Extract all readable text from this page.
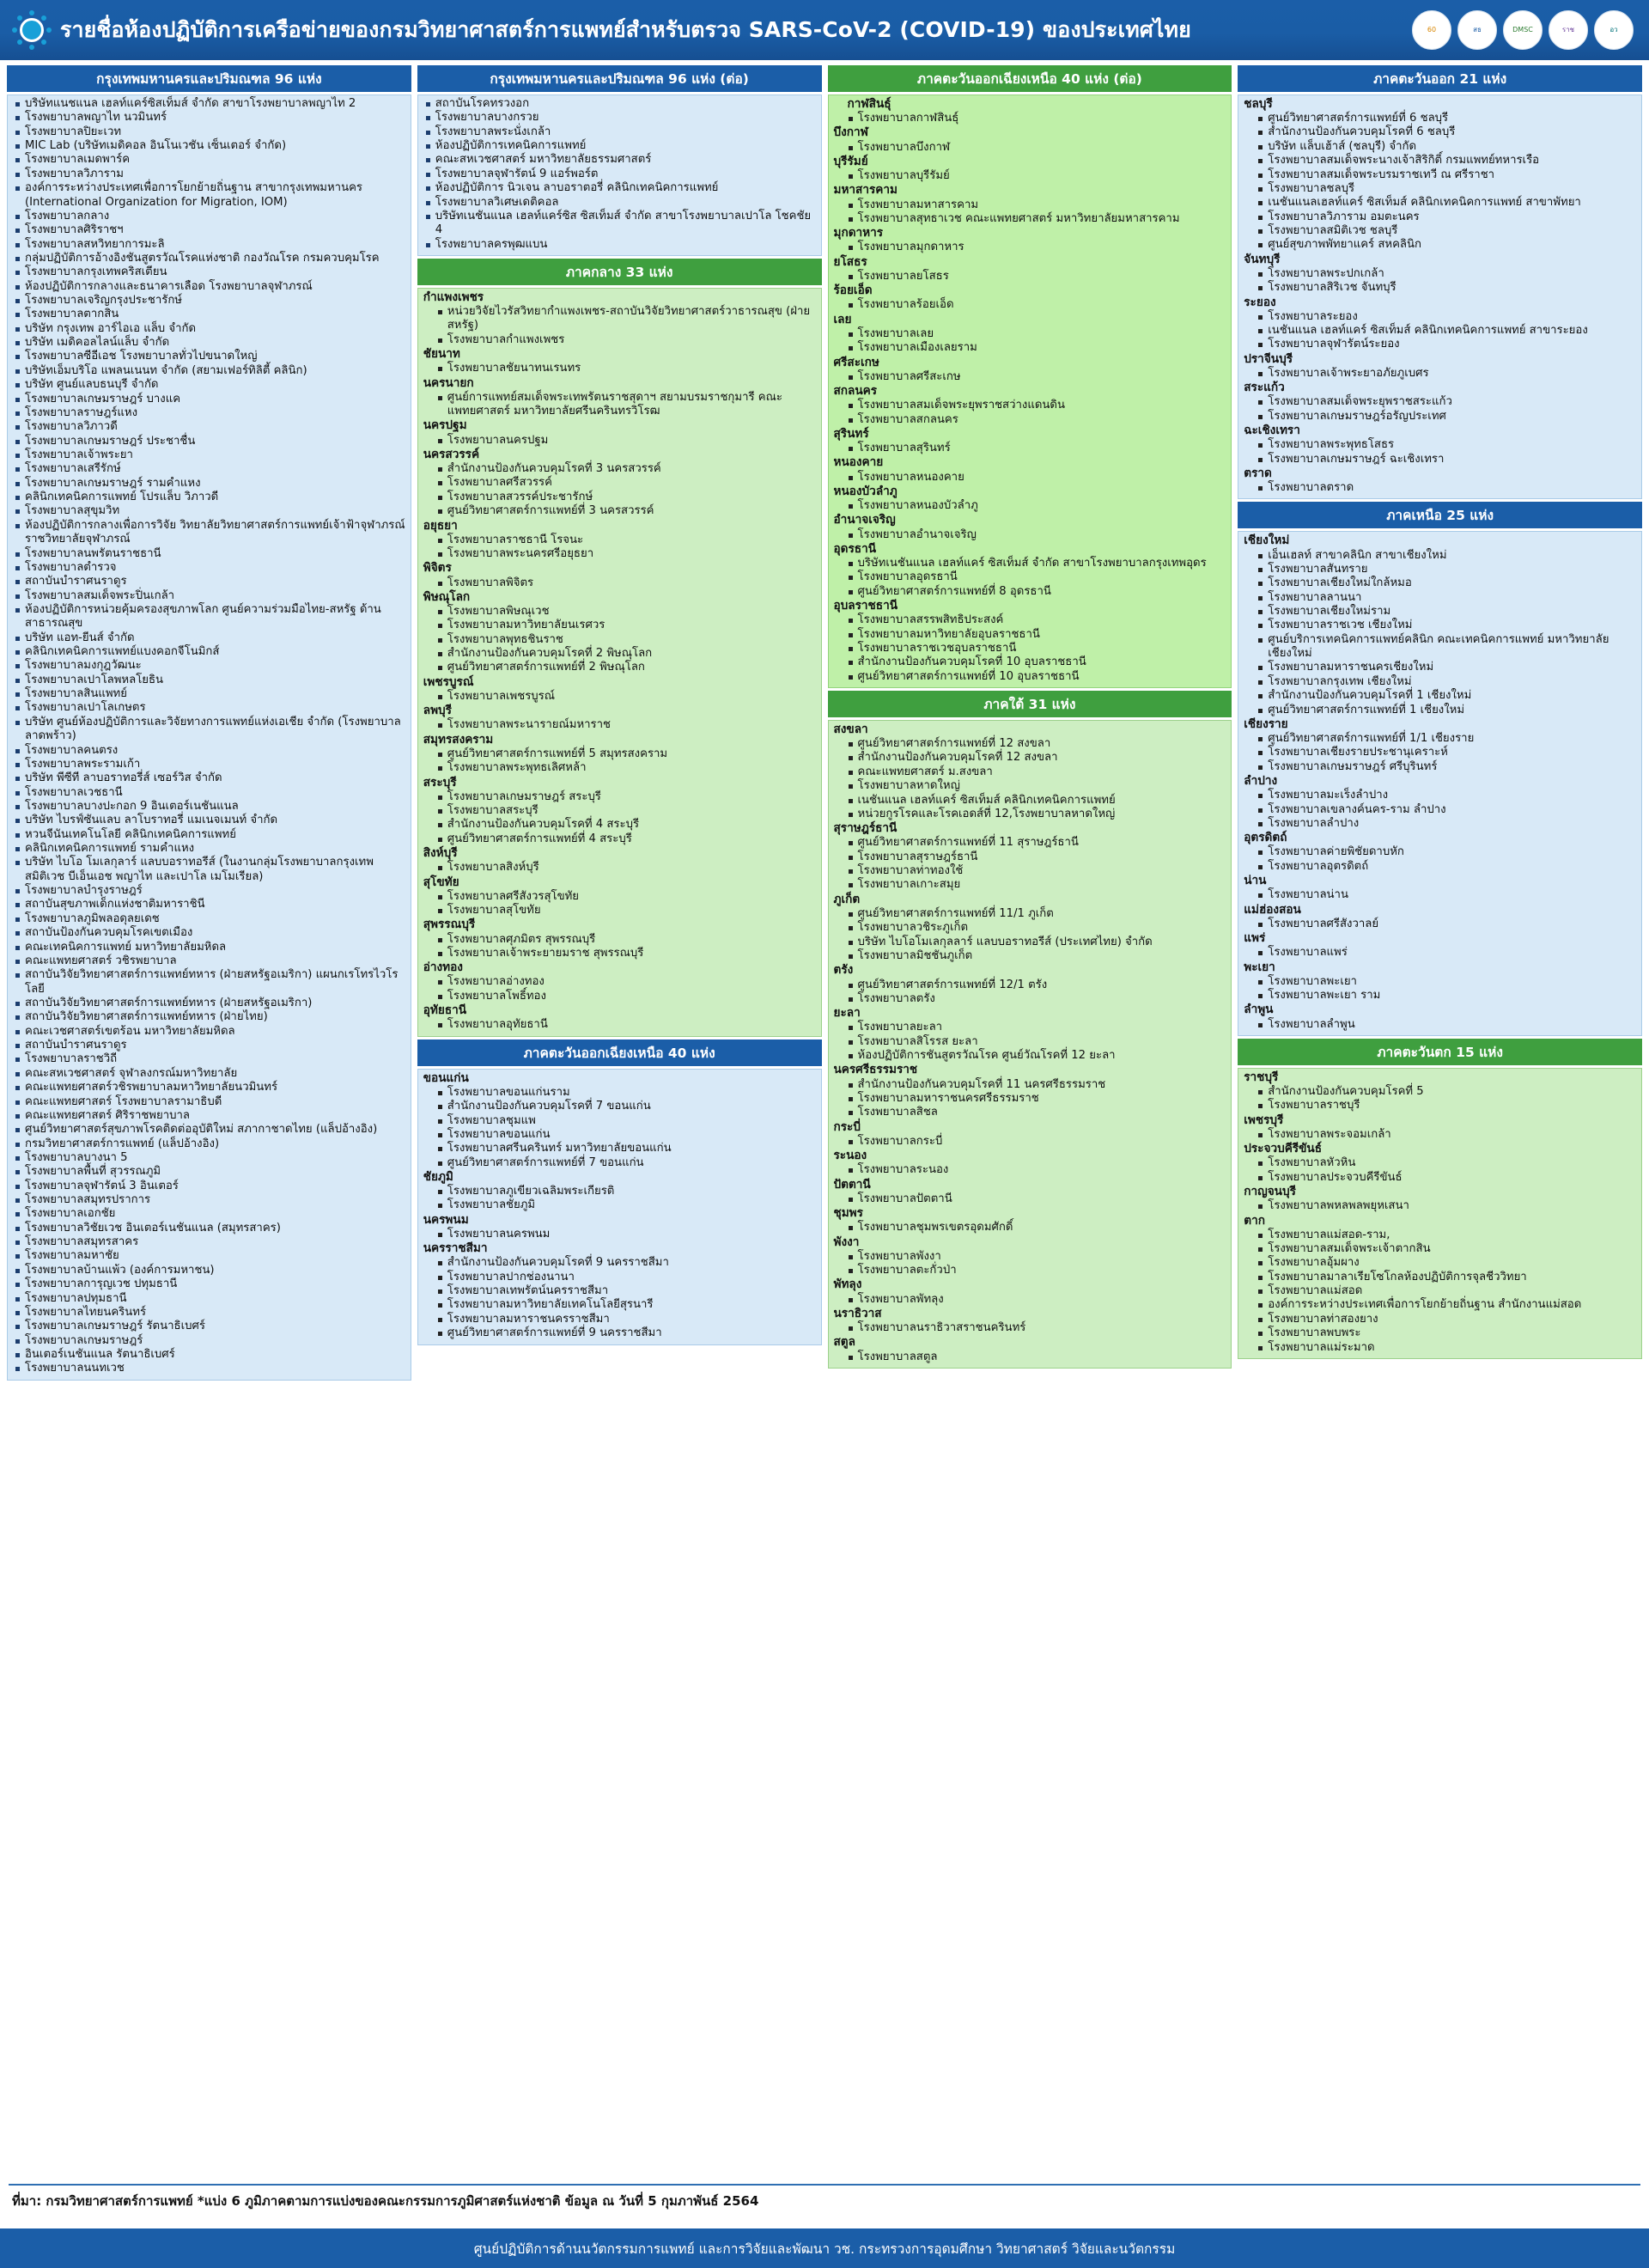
รายชื่อห้องปฏิบัติการเครือข่ายของกรมวิทยาศาสตร์การแพทย์สำหรับตรวจ SARS-CoV-2 (COVID-19) ของประเทศไทย	60	สธ	DMSC	ราช	อว
กรุงเทพมหานครและปริมณฑล 96 แห่ง
บริษัทแนชแนล เฮลท์แคร์ซิสเท็มส์ จำกัด สาขาโรงพยาบาลพญาไท 2
โรงพยาบาลพญาไท นวมินทร์
โรงพยาบาลปิยะเวท
MIC Lab (บริษัทเมดิคอล อินโนเวชัน เซ็นเตอร์ จำกัด)
โรงพยาบาลเมดพาร์ค
โรงพยาบาลวิภาราม
องค์การระหว่างประเทศเพื่อการโยกย้ายถิ่นฐาน สาขากรุงเทพมหานคร (International Organization for Migration, IOM)
โรงพยาบาลกลาง
โรงพยาบาลศิริราชฯ
โรงพยาบาลสหวิทยาการมะลิ
กลุ่มปฏิบัติการอ้างอิงชันสูตรวัณโรคแห่งชาติ กองวัณโรค กรมควบคุมโรค
โรงพยาบาลกรุงเทพคริสเตียน
ห้องปฏิบัติการกลางและธนาคารเลือด โรงพยาบาลจุฬาภรณ์
โรงพยาบาลเจริญกรุงประชารักษ์
โรงพยาบาลตากสิน
บริษัท กรุงเทพ อาร์ไอเอ แล็บ จำกัด
บริษัท เมดิคอลไลน์แล็บ จำกัด
โรงพยาบาลซีอีเอช โรงพยาบาลทั่วไปขนาดใหญ่
บริษัทเอ็มบริโอ แพลนเนนท จำกัด (สยามเฟอร์ทิลิตี้ คลินิก)
บริษัท ศูนย์แลบธนบุรี จำกัด
โรงพยาบาลเกษมราษฎร์ บางแค
โรงพยาบาลราษฎร์แหง
โรงพยาบาลวิภาวดี
โรงพยาบาลเกษมราษฎร์ ประชาชื่น
โรงพยาบาลเจ้าพระยา
โรงพยาบาลเสรีรักษ์
โรงพยาบาลเกษมราษฎร์ รามคำแหง
คลินิกเทคนิคการแพทย์ โปรแล็บ วิภาวดี
โรงพยาบาลสุขุมวิท
ห้องปฏิบัติการกลางเพื่อการวิจัย วิทยาลัยวิทยาศาสตร์การแพทย์เจ้าฟ้าจุฬาภรณ์ ราชวิทยาลัยจุฬาภรณ์
โรงพยาบาลนพรัตนราชธานี
โรงพยาบาลตำรวจ
สถาบันบำราศนราดูร
โรงพยาบาลสมเด็จพระปิ่นเกล้า
ห้องปฏิบัติการหน่วยคุ้มครองสุขภาพโลก ศูนย์ความร่วมมือไทย-สหรัฐ ด้านสาธารณสุข
บริษัท แอท-ยีนส์ จำกัด
คลินิกเทคนิคการแพทย์แบงคอกจีโนมิกส์
โรงพยาบาลมงกุฎวัฒนะ
โรงพยาบาลเปาโลพหลโยธิน
โรงพยาบาลสินแพทย์
โรงพยาบาลเปาโลเกษตร
บริษัท ศูนย์ห้องปฏิบัติการและวิจัยทางการแพทย์แห่งเอเชีย จำกัด (โรงพยาบาลลาดพร้าว)
โรงพยาบาลคนตรง
โรงพยาบาลพระรามเก้า
บริษัท พีซีที ลาบอราทอรี่ส์ เซอร์วิส จำกัด
โรงพยาบาลเวชธานี
โรงพยาบาลบางปะกอก 9 อินเตอร์เนชันแนล
บริษัท ไบรฟ์ซันแลบ ลาโบราทอรี่ แมเนจเมนท์ จำกัด
หวนจีนันเทคโนโลยี คลินิกเทคนิคการแพทย์
คลินิกเทคนิคการแพทย์ รามคำแหง
บริษัท ไบโอ โมเลกุลาร์ แลบบอราทอรีส์ (ในงานกลุ่มโรงพยาบาลกรุงเทพ สมิติเวช บีเอ็นเอช พญาไท และเปาโล เมโมเรียล)
โรงพยาบาลบำรุงราษฎร์
สถาบันสุขภาพเด็กแห่งชาติมหาราชินี
โรงพยาบาลภูมิพลอดุลยเดช
สถาบันป้องกันควบคุมโรคเขตเมือง
คณะเทคนิคการแพทย์ มหาวิทยาลัยมหิดล
คณะแพทยศาสตร์ วชิรพยาบาล
สถาบันวิจัยวิทยาศาสตร์การแพทย์ทหาร (ฝ่ายสหรัฐอเมริกา) แผนกเรโทรไวโรโลยี
สถาบันวิจัยวิทยาศาสตร์การแพทย์ทหาร (ฝ่ายสหรัฐอเมริกา)
สถาบันวิจัยวิทยาศาสตร์การแพทย์ทหาร (ฝ่ายไทย)
คณะเวชศาสตร์เขตร้อน มหาวิทยาลัยมหิดล
สถาบันบำราศนราดูร
โรงพยาบาลราชวิถี
คณะสหเวชศาสตร์ จุฬาลงกรณ์มหาวิทยาลัย
คณะแพทยศาสตร์วชิรพยาบาลมหาวิทยาลัยนวมินทร์
คณะแพทยศาสตร์ โรงพยาบาลรามาธิบดี
คณะแพทยศาสตร์ ศิริราชพยาบาล
ศูนย์วิทยาศาสตร์สุขภาพโรคติดต่ออุบัติใหม่ สภากาชาดไทย (แล็ปอ้างอิง)
กรมวิทยาศาสตร์การแพทย์ (แล็ปอ้างอิง)
โรงพยาบาลบางนา 5
โรงพยาบาลพื้นที่ สุวรรณภูมิ
โรงพยาบาลจุฬารัตน์ 3 อินเตอร์
โรงพยาบาลสมุทรปราการ
โรงพยาบาลเอกชัย
โรงพยาบาลวิชัยเวช อินเตอร์เนชันแนล (สมุทรสาคร)
โรงพยาบาลสมุทรสาคร
โรงพยาบาลมหาชัย
โรงพยาบาลบ้านแพ้ว (องค์การมหาชน)
โรงพยาบาลการุญเวช ปทุมธานี
โรงพยาบาลปทุมธานี
โรงพยาบาลไทยนครินทร์
โรงพยาบาลเกษมราษฎร์ รัตนาธิเบศร์
โรงพยาบาลเกษมราษฎร์
อินเตอร์เนชันแนล รัตนาธิเบศร์
โรงพยาบาลนนทเวช
กรุงเทพมหานครและปริมณฑล 96 แห่ง (ต่อ)
สถาบันโรคทรวงอก
โรงพยาบาลบางกรวย
โรงพยาบาลพระนั่งเกล้า
ห้องปฏิบัติการเทคนิคการแพทย์
คณะสหเวชศาสตร์ มหาวิทยาลัยธรรมศาสตร์
โรงพยาบาลจุฬารัตน์ 9 แอร์พอร์ต
ห้องปฏิบัติการ นิวเจน ลาบอราตอรี่ คลินิกเทคนิคการแพทย์
โรงพยาบาลวิเศษเดติคอล
บริษัทเนชันแนล เฮลท์แคร์ซิส ซิสเท็มส์ จำกัด สาขาโรงพยาบาลเปาโล โชคชัย 4
โรงพยาบาลครพุฒแบน
ภาคกลาง 33 แห่ง
กำแพงเพชร
หน่วยวิจัยไวรัสวิทยากำแพงเพชร-สถาบันวิจัยวิทยาศาสตร์วาธารณสุข (ฝ่ายสหรัฐ)
โรงพยาบาลกำแพงเพชร
ชัยนาท
โรงพยาบาลชัยนาทนเรนทร
นครนายก
ศูนย์การแพทย์สมเด็จพระเทพรัตนราชสุดาฯ สยามบรมราชกุมารี คณะแพทยศาสตร์ มหาวิทยาลัยศรีนครินทรวิโรฒ
นครปฐม
โรงพยาบาลนครปฐม
นครสวรรค์
สำนักงานป้องกันควบคุมโรคที่ 3 นครสวรรค์
โรงพยาบาลศรีสวรรค์
โรงพยาบาลสวรรค์ประชารักษ์
ศูนย์วิทยาศาสตร์การแพทย์ที่ 3 นครสวรรค์
อยุธยา
โรงพยาบาลราชธานี โรจนะ
โรงพยาบาลพระนครศรีอยุธยา
พิจิตร
โรงพยาบาลพิจิตร
พิษณุโลก
โรงพยาบาลพิษณุเวช
โรงพยาบาลมหาวิทยาลัยนเรศวร
โรงพยาบาลพุทธชินราช
สำนักงานป้องกันควบคุมโรคที่ 2 พิษณุโลก
ศูนย์วิทยาศาสตร์การแพทย์ที่ 2 พิษณุโลก
เพชรบูรณ์
โรงพยาบาลเพชรบูรณ์
ลพบุรี
โรงพยาบาลพระนารายณ์มหาราช
สมุทรสงคราม
ศูนย์วิทยาศาสตร์การแพทย์ที่ 5 สมุทรสงคราม
โรงพยาบาลพระพุทธเลิศหล้า
สระบุรี
โรงพยาบาลเกษมราษฎร์ สระบุรี
โรงพยาบาลสระบุรี
สำนักงานป้องกันควบคุมโรคที่ 4 สระบุรี
ศูนย์วิทยาศาสตร์การแพทย์ที่ 4 สระบุรี
สิงห์บุรี
โรงพยาบาลสิงห์บุรี
สุโขทัย
โรงพยาบาลศรีสังวรสุโขทัย
โรงพยาบาลสุโขทัย
สุพรรณบุรี
โรงพยาบาลศุภมิตร สุพรรณบุรี
โรงพยาบาลเจ้าพระยายมราช สุพรรณบุรี
อ่างทอง
โรงพยาบาลอ่างทอง
โรงพยาบาลโพธิ์ทอง
อุทัยธานี
โรงพยาบาลอุทัยธานี
ภาคตะวันออกเฉียงเหนือ 40 แห่ง
ขอนแก่น
โรงพยาบาลขอนแก่นราม
สำนักงานป้องกันควบคุมโรคที่ 7 ขอนแก่น
โรงพยาบาลชุมแพ
โรงพยาบาลขอนแก่น
โรงพยาบาลศรีนครินทร์ มหาวิทยาลัยขอนแก่น
ศูนย์วิทยาศาสตร์การแพทย์ที่ 7 ขอนแก่น
ชัยภูมิ
โรงพยาบาลภูเขียวเฉลิมพระเกียรติ
โรงพยาบาลชัยภูมิ
นครพนม
โรงพยาบาลนครพนม
นครราชสีมา
สำนักงานป้องกันควบคุมโรคที่ 9 นครราชสีมา
โรงพยาบาลปากช่องนานา
โรงพยาบาลเทพรัตน์นครราชสีมา
โรงพยาบาลมหาวิทยาลัยเทคโนโลยีสุรนารี
โรงพยาบาลมหาราชนครราชสีมา
ศูนย์วิทยาศาสตร์การแพทย์ที่ 9 นครราชสีมา
ภาคตะวันออกเฉียงเหนือ 40 แห่ง (ต่อ)
กาฬสินธุ์
โรงพยาบาลกาฬสินธุ์
บึงกาฬ
โรงพยาบาลบึงกาฬ
บุรีรัมย์
โรงพยาบาลบุรีรัมย์
มหาสารคาม
โรงพยาบาลมหาสารคาม
โรงพยาบาลสุทธาเวช คณะแพทยศาสตร์ มหาวิทยาลัยมหาสารคาม
มุกดาหาร
โรงพยาบาลมุกดาหาร
ยโสธร
โรงพยาบาลยโสธร
ร้อยเอ็ด
โรงพยาบาลร้อยเอ็ด
เลย
โรงพยาบาลเลย
โรงพยาบาลเมืองเลยราม
ศรีสะเกษ
โรงพยาบาลศรีสะเกษ
สกลนคร
โรงพยาบาลสมเด็จพระยุพราชสว่างแดนดิน
โรงพยาบาลสกลนคร
สุรินทร์
โรงพยาบาลสุรินทร์
หนองคาย
โรงพยาบาลหนองคาย
หนองบัวลำภู
โรงพยาบาลหนองบัวลำภู
อำนาจเจริญ
โรงพยาบาลอำนาจเจริญ
อุดรธานี
บริษัทเนชันแนล เฮลท์แคร์ ซิสเท็มส์ จำกัด สาขาโรงพยาบาลกรุงเทพอุดร
โรงพยาบาลอุดรธานี
ศูนย์วิทยาศาสตร์การแพทย์ที่ 8 อุดรธานี
อุบลราชธานี
โรงพยาบาลสรรพสิทธิประสงค์
โรงพยาบาลมหาวิทยาลัยอุบลราชธานี
โรงพยาบาลราชเวชอุบลราชธานี
สำนักงานป้องกันควบคุมโรคที่ 10 อุบลราชธานี
ศูนย์วิทยาศาสตร์การแพทย์ที่ 10 อุบลราชธานี
ภาคใต้ 31 แห่ง
สงขลา
ศูนย์วิทยาศาสตร์การแพทย์ที่ 12 สงขลา
สำนักงานป้องกันควบคุมโรคที่ 12 สงขลา
คณะแพทยศาสตร์ ม.สงขลา
โรงพยาบาลหาดใหญ่
เนชันแนล เฮลท์แคร์ ซิสเท็มส์ คลินิกเทคนิคการแพทย์
หน่วยกูรโรคและโรคเอดส์ที่ 12,โรงพยาบาลหาดใหญ่
สุราษฎร์ธานี
ศูนย์วิทยาศาสตร์การแพทย์ที่ 11 สุราษฎร์ธานี
โรงพยาบาลสุราษฎร์ธานี
โรงพยาบาลท่าทองใช้
โรงพยาบาลเกาะสมุย
ภูเก็ต
ศูนย์วิทยาศาสตร์การแพทย์ที่ 11/1 ภูเก็ต
โรงพยาบาลวชิระภูเก็ต
บริษัท ไบโอโมเลกุลลาร์ แลบบอราทอรีส์ (ประเทศไทย) จำกัด
โรงพยาบาลมิชชันภูเก็ต
ตรัง
ศูนย์วิทยาศาสตร์การแพทย์ที่ 12/1 ตรัง
โรงพยาบาลตรัง
ยะลา
โรงพยาบาลยะลา
โรงพยาบาลสิโรรส ยะลา
ห้องปฏิบัติการชันสูตรวัณโรค ศูนย์วัณโรคที่ 12 ยะลา
นครศรีธรรมราช
สำนักงานป้องกันควบคุมโรคที่ 11 นครศรีธรรมราช
โรงพยาบาลมหาราชนครศรีธรรมราช
โรงพยาบาลสิชล
กระบี่
โรงพยาบาลกระบี่
ระนอง
โรงพยาบาลระนอง
ปัตตานี
โรงพยาบาลปัตตานี
ชุมพร
โรงพยาบาลชุมพรเขตรอุดมศักดิ์
พังงา
โรงพยาบาลพังงา
โรงพยาบาลตะกั่วป่า
พัทลุง
โรงพยาบาลพัทลุง
นราธิวาส
โรงพยาบาลนราธิวาสราชนครินทร์
สตูล
โรงพยาบาลสตูล
ภาคตะวันออก 21 แห่ง
ชลบุรี
ศูนย์วิทยาศาสตร์การแพทย์ที่ 6 ชลบุรี
สำนักงานป้องกันควบคุมโรคที่ 6 ชลบุรี
บริษัท แล็บเฮ้าส์ (ชลบุรี) จำกัด
โรงพยาบาลสมเด็จพระนางเจ้าสิริกิติ์ กรมแพทย์ทหารเรือ
โรงพยาบาลสมเด็จพระบรมราชเทวี ณ ศรีราชา
โรงพยาบาลชลบุรี
เนชันแนลเฮลท์แคร์ ซิสเท็มส์ คลินิกเทคนิคการแพทย์ สาขาพัทยา
โรงพยาบาลวิภาราม อมตะนคร
โรงพยาบาลสมิติเวช ชลบุรี
ศูนย์สุขภาพพัทยาแคร์ สหคลินิก
จันทบุรี
โรงพยาบาลพระปกเกล้า
โรงพยาบาลสิริเวช จันทบุรี
ระยอง
โรงพยาบาลระยอง
เนชันแนล เฮลท์แคร์ ซิสเท็มส์ คลินิกเทคนิคการแพทย์ สาขาระยอง
โรงพยาบาลจุฬารัตน์ระยอง
ปราจีนบุรี
โรงพยาบาลเจ้าพระยาอภัยภูเบศร
สระแก้ว
โรงพยาบาลสมเด็จพระยุพราชสระแก้ว
โรงพยาบาลเกษมราษฎร์อรัญประเทศ
ฉะเชิงเทรา
โรงพยาบาลพระพุทธโสธร
โรงพยาบาลเกษมราษฎร์ ฉะเชิงเทรา
ตราด
โรงพยาบาลตราด
ภาคเหนือ 25 แห่ง
เชียงใหม่
เอ็นเฮลท์ สาขาคลินิก สาขาเชียงใหม่
โรงพยาบาลสันทราย
โรงพยาบาลเชียงใหม่ใกล้หมอ
โรงพยาบาลลานนา
โรงพยาบาลเชียงใหม่ราม
โรงพยาบาลราชเวช เชียงใหม่
ศูนย์บริการเทคนิคการแพทย์คลินิก คณะเทคนิคการแพทย์ มหาวิทยาลัยเชียงใหม่
โรงพยาบาลมหาราชนครเชียงใหม่
โรงพยาบาลกรุงเทพ เชียงใหม่
สำนักงานป้องกันควบคุมโรคที่ 1 เชียงใหม่
ศูนย์วิทยาศาสตร์การแพทย์ที่ 1 เชียงใหม่
เชียงราย
ศูนย์วิทยาศาสตร์การแพทย์ที่ 1/1 เชียงราย
โรงพยาบาลเชียงรายประชานุเคราะห์
โรงพยาบาลเกษมราษฎร์ ศรีบุรินทร์
ลำปาง
โรงพยาบาลมะเร็งลำปาง
โรงพยาบาลเขลางค์นคร-ราม ลำปาง
โรงพยาบาลลำปาง
อุตรดิตถ์
โรงพยาบาลค่ายพิชัยดาบหัก
โรงพยาบาลอุตรดิตถ์
น่าน
โรงพยาบาลน่าน
แม่ฮ่องสอน
โรงพยาบาลศรีสังวาลย์
แพร่
โรงพยาบาลแพร่
พะเยา
โรงพยาบาลพะเยา
โรงพยาบาลพะเยา ราม
ลำพูน
โรงพยาบาลลำพูน
ภาคตะวันตก 15 แห่ง
ราชบุรี
สำนักงานป้องกันควบคุมโรคที่ 5
โรงพยาบาลราชบุรี
เพชรบุรี
โรงพยาบาลพระจอมเกล้า
ประจวบคีรีขันธ์
โรงพยาบาลหัวหิน
โรงพยาบาลประจวบคีรีขันธ์
กาญจนบุรี
โรงพยาบาลพหลพลพยุหเสนา
ตาก
โรงพยาบาลแม่สอด-ราม,
โรงพยาบาลสมเด็จพระเจ้าตากสิน
โรงพยาบาลอุ้มผาง
โรงพยาบาลมาลาเรียโซโกลห้องปฏิบัติการจุลชีววิทยา
โรงพยาบาลแม่สอด
องค์การระหว่างประเทศเพื่อการโยกย้ายถิ่นฐาน สำนักงานแม่สอด
โรงพยาบาลท่าสองยาง
โรงพยาบาลพบพระ
โรงพยาบาลแม่ระมาด
ที่มา: กรมวิทยาศาสตร์การแพทย์ *แบ่ง 6 ภูมิภาคตามการแบ่งของคณะกรรมการภูมิศาสตร์แห่งชาติ ข้อมูล ณ วันที่ 5 กุมภาพันธ์ 2564
ศูนย์ปฏิบัติการด้านนวัตกรรมการแพทย์ และการวิจัยและพัฒนา วช. กระทรวงการอุดมศึกษา วิทยาศาสตร์ วิจัยและนวัตกรรม
